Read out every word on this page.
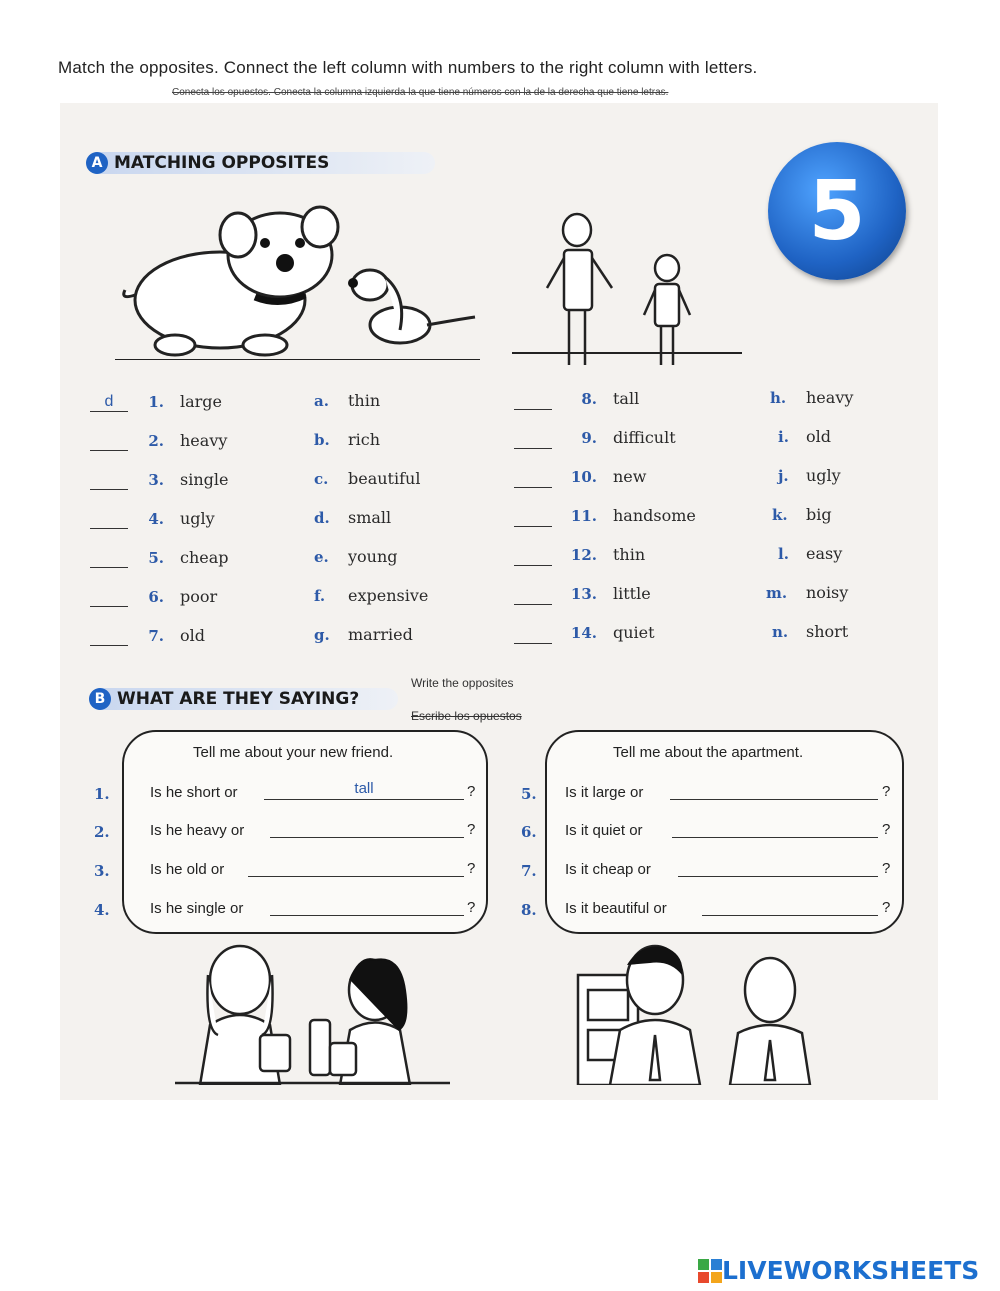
Match the opposites. Connect the left column with numbers to the right column with letters.
Conecta los opuestos. Conecta la columna izquierda la que tiene números con la de la derecha que tiene letras.
A MATCHING OPPOSITES
5
d	1. large	a. thin
2. heavy	b. rich
3. single	c. beautiful
4. ugly	d. small
5. cheap	e. young
6. poor	f. expensive
7. old	g. married
8. tall	h. heavy
9. difficult	i. old
10. new	j. ugly
11. handsome	k. big
12. thin	l. easy
13. little	m. noisy
14. quiet	n. short
B WHAT ARE THEY SAYING?
Write the opposites
Escribe los opuestos
Tell me about your new friend.
1.	Is he short or	tall	?
2.	Is he heavy or	?
3.	Is he old or	?
4.	Is he single or	?
Tell me about the apartment.
5. Is it large or	?
6. Is it quiet or	?
7. Is it cheap or	?
8. Is it beautiful or	?
LIVEWORKSHEETS
